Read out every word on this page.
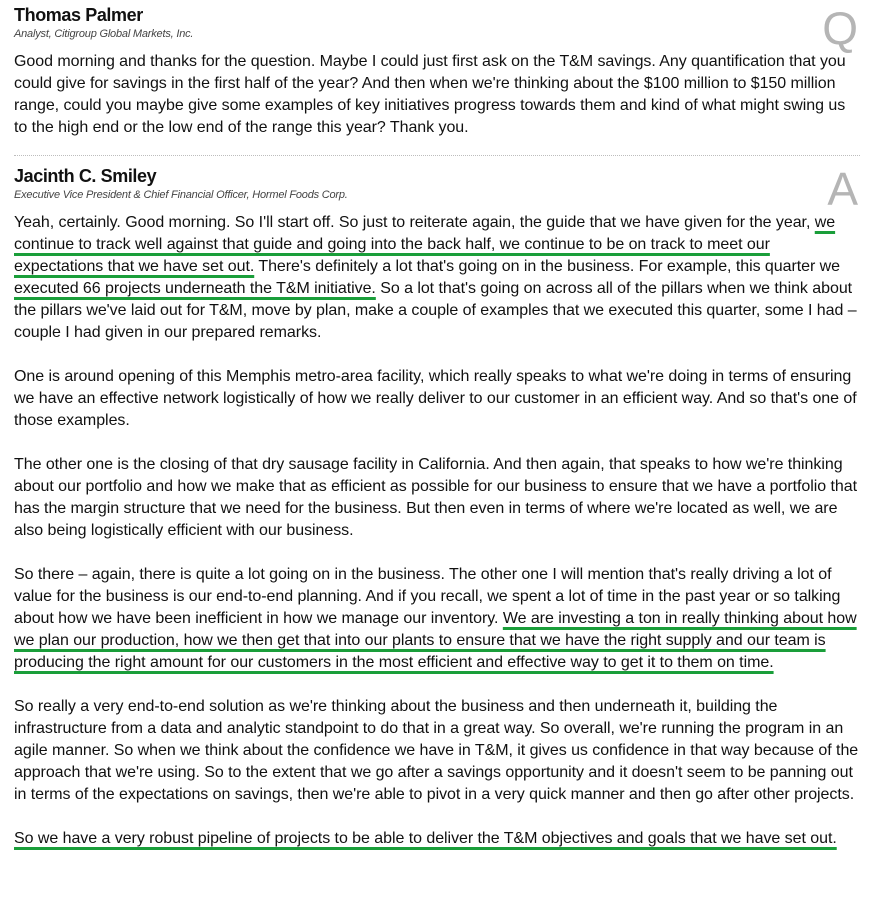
Q
Thomas Palmer
Analyst, Citigroup Global Markets, Inc.

Good morning and thanks for the question. Maybe I could just first ask on the T&M savings. Any quantification that you could give for savings in the first half of the year? And then when we're thinking about the $100 million to $150 million range, could you maybe give some examples of key initiatives progress towards them and kind of what might swing us to the high end or the low end of the range this year? Thank you.

A
Jacinth C. Smiley
Executive Vice President & Chief Financial Officer, Hormel Foods Corp.

Yeah, certainly. Good morning. So I'll start off. So just to reiterate again, the guide that we have given for the year, we continue to track well against that guide and going into the back half, we continue to be on track to meet our expectations that we have set out. There's definitely a lot that's going on in the business. For example, this quarter we executed 66 projects underneath the T&M initiative. So a lot that's going on across all of the pillars when we think about the pillars we've laid out for T&M, move by plan, make a couple of examples that we executed this quarter, some I had – couple I had given in our prepared remarks.

One is around opening of this Memphis metro-area facility, which really speaks to what we're doing in terms of ensuring we have an effective network logistically of how we really deliver to our customer in an efficient way. And so that's one of those examples.

The other one is the closing of that dry sausage facility in California. And then again, that speaks to how we're thinking about our portfolio and how we make that as efficient as possible for our business to ensure that we have a portfolio that has the margin structure that we need for the business. But then even in terms of where we're located as well, we are also being logistically efficient with our business.

So there – again, there is quite a lot going on in the business. The other one I will mention that's really driving a lot of value for the business is our end-to-end planning. And if you recall, we spent a lot of time in the past year or so talking about how we have been inefficient in how we manage our inventory. We are investing a ton in really thinking about how we plan our production, how we then get that into our plants to ensure that we have the right supply and our team is producing the right amount for our customers in the most efficient and effective way to get it to them on time.

So really a very end-to-end solution as we're thinking about the business and then underneath it, building the infrastructure from a data and analytic standpoint to do that in a great way. So overall, we're running the program in an agile manner. So when we think about the confidence we have in T&M, it gives us confidence in that way because of the approach that we're using. So to the extent that we go after a savings opportunity and it doesn't seem to be panning out in terms of the expectations on savings, then we're able to pivot in a very quick manner and then go after other projects.

So we have a very robust pipeline of projects to be able to deliver the T&M objectives and goals that we have set out.
